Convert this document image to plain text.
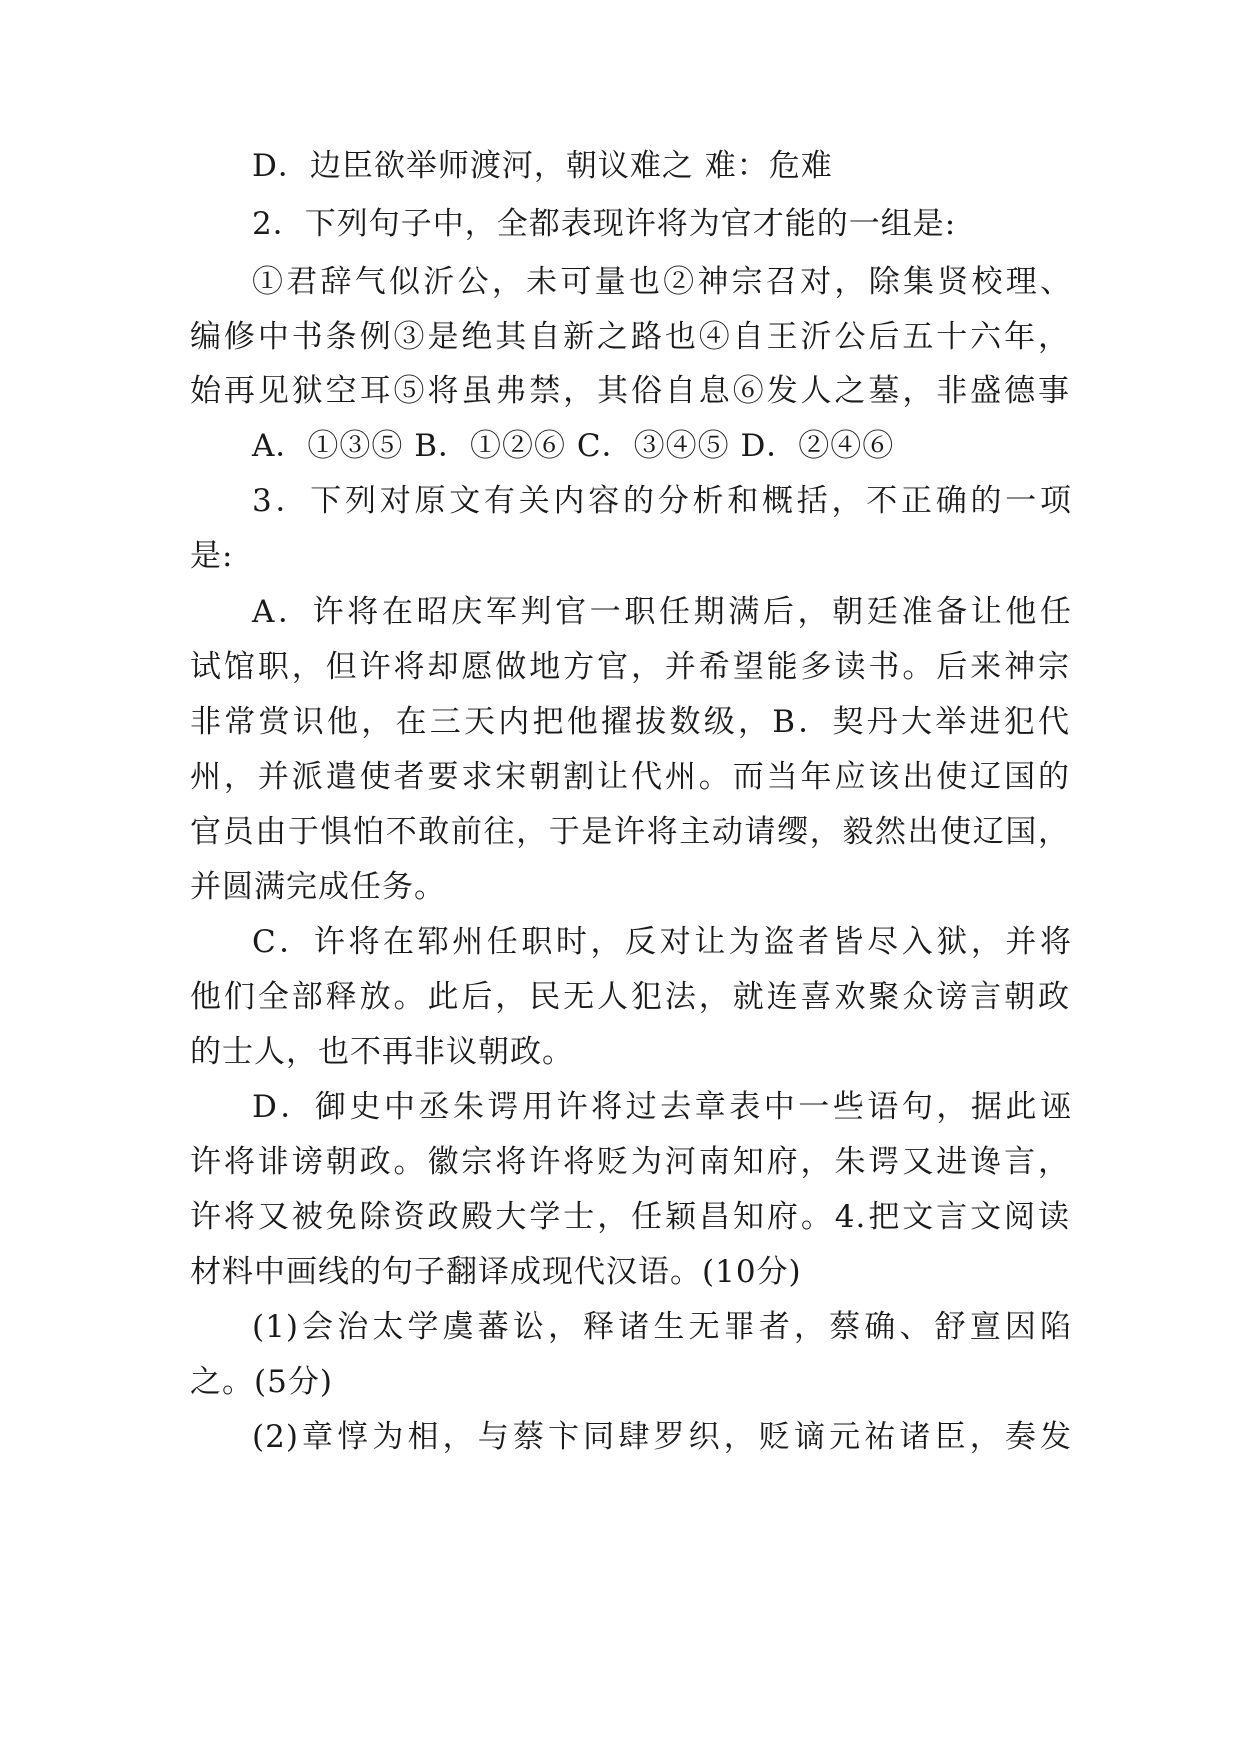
D．边臣欲举师渡河，朝议难之 难：危难
2．下列句子中，全都表现许将为官才能的一组是:
①君辞气似沂公，未可量也②神宗召对，除集贤校理、
编修中书条例③是绝其自新之路也④自王沂公后五十六年，
始再见狱空耳⑤将虽弗禁，其俗自息⑥发人之墓，非盛德事
A．①③⑤ B．①②⑥ C．③④⑤ D．②④⑥
3．下列对原文有关内容的分析和概括，不正确的一项
是:
A．许将在昭庆军判官一职任期满后，朝廷准备让他任
试馆职，但许将却愿做地方官，并希望能多读书。后来神宗
非常赏识他，在三天内把他擢拔数级，B．契丹大举进犯代
州，并派遣使者要求宋朝割让代州。而当年应该出使辽国的
官员由于惧怕不敢前往，于是许将主动请缨，毅然出使辽国，
并圆满完成任务。
C．许将在郓州任职时，反对让为盗者皆尽入狱，并将
他们全部释放。此后，民无人犯法，就连喜欢聚众谤言朝政
的士人，也不再非议朝政。
D．御史中丞朱谔用许将过去章表中一些语句，据此诬
许将诽谤朝政。徽宗将许将贬为河南知府，朱谔又进谗言，
许将又被免除资政殿大学士，任颖昌知府。4.把文言文阅读
材料中画线的句子翻译成现代汉语。(10分)
(1)会治太学虞蕃讼，释诸生无罪者，蔡确、舒亶因陷
之。(5分)
(2)章惇为相，与蔡卞同肆罗织，贬谪元祐诸臣，奏发
